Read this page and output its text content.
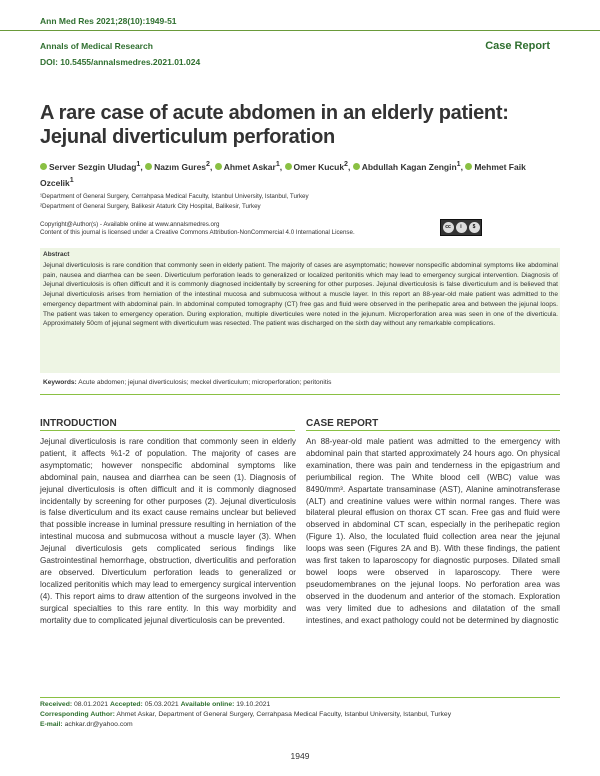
Ann Med Res 2021;28(10):1949-51
Annals of Medical Research	Case Report
DOI: 10.5455/annalsmedres.2021.01.024
A rare case of acute abdomen in an elderly patient: Jejunal diverticulum perforation
Server Sezgin Uludag$^1$, Nazım Gures$^2$, Ahmet Askar$^1$, Omer Kucuk$^2$, Abdullah Kagan Zengin$^1$, Mehmet Faik Ozcelik$^1$
¹Department of General Surgery, Cerrahpasa Medical Faculty, Istanbul University, Istanbul, Turkey
²Department of General Surgery, Balikesir Ataturk City Hospital, Balikesir, Turkey
Copyright@Author(s) - Available online at www.annalsmedres.org
Content of this journal is licensed under a Creative Commons Attribution-NonCommercial 4.0 International License.
cc	i	$
Abstract
Jejunal diverticulosis is rare condition that commonly seen in elderly patient. The majority of cases are asymptomatic; however nonspecific abdominal symptoms like abdominal pain, nausea and diarrhea can be seen. Diverticulum perforation leads to generalized or localized peritonitis which may lead to emergency surgical intervention. Diagnosis of Jejunal diverticulosis is often difficult and it is commonly diagnosed incidentally by screening for other purposes. Jejunal diverticulosis is false diverticulum and is believed that Jejunal diverticulosis arises from herniation of the intestinal mucosa and submucosa without a muscle layer. In this report an 88-year-old male patient was admitted to the emergency department with abdominal pain. In abdominal computed tomography (CT) free gas and fluid were observed in the perihepatic area and between the jejunal loops. The patient was taken to emergency operation. During exploration, multiple diverticules were noted in the jejunum. Microperforation area was seen in one of the diverticula. Approximately 50cm of jejunal segment with diverticulum was resected. The patient was discharged on the sixth day without any remarkable complications.
Keywords: Acute abdomen; jejunal diverticulosis; meckel diverticulum; microperforation; peritonitis
INTRODUCTION
Jejunal diverticulosis is rare condition that commonly seen in elderly patient, it affects %1-2 of population. The majority of cases are asymptomatic; however nonspecific abdominal symptoms like abdominal pain, nausea and diarrhea can be seen (1). Diagnosis of jejunal diverticulosis is often difficult and it is commonly diagnosed incidentally by screening for other purposes (2). Jejunal diverticulosis is false diverticulum and its exact cause remains unclear but believed that possible increase in luminal pressure resulting in herniation of the intestinal mucosa and submucosa without a muscle layer (3). When Jejunal diverticulosis gets complicated serious findings like Gastrointestinal hemorrhage, obstruction, diverticulitis and perforation are observed. Diverticulum perforation leads to generalized or localized peritonitis which may lead to emergency surgical intervention (4). This report aims to draw attention of the surgeons involved in the surgical specialties to this rare entity. In this way morbidity and mortality due to complicated jejunal diverticulosis can be prevented.
CASE REPORT
An 88-year-old male patient was admitted to the emergency with abdominal pain that started approximately 24 hours ago. On physical examination, there was pain and tenderness in the epigastrium and periumbilical region. The White blood cell (WBC) value was 8490/mm³. Aspartate transaminase (AST), Alanine aminotransferase (ALT) and creatinine values were within normal ranges. There was bilateral pleural effusion on thorax CT scan. Free gas and fluid were observed in abdominal CT scan, especially in the perihepatic region (Figure 1). Also, the loculated fluid collection area near the jejunal loops was seen (Figures 2A and B). With these findings, the patient was first taken to laparoscopy for diagnostic purposes. Dilated small bowel loops were observed in laparoscopy. There were pseudomembranes on the jejunal loops. No perforation area was observed in the duodenum and anterior of the stomach. Exploration was very limited due to adhesions and dilatation of the small intestines, and exact pathology could not be determined by diagnostic
Received: 08.01.2021 Accepted: 05.03.2021 Available online: 19.10.2021
Corresponding Author: Ahmet Askar, Department of General Surgery, Cerrahpasa Medical Faculty, Istanbul University, Istanbul, Turkey
E-mail: achkar.dr@yahoo.com
1949
